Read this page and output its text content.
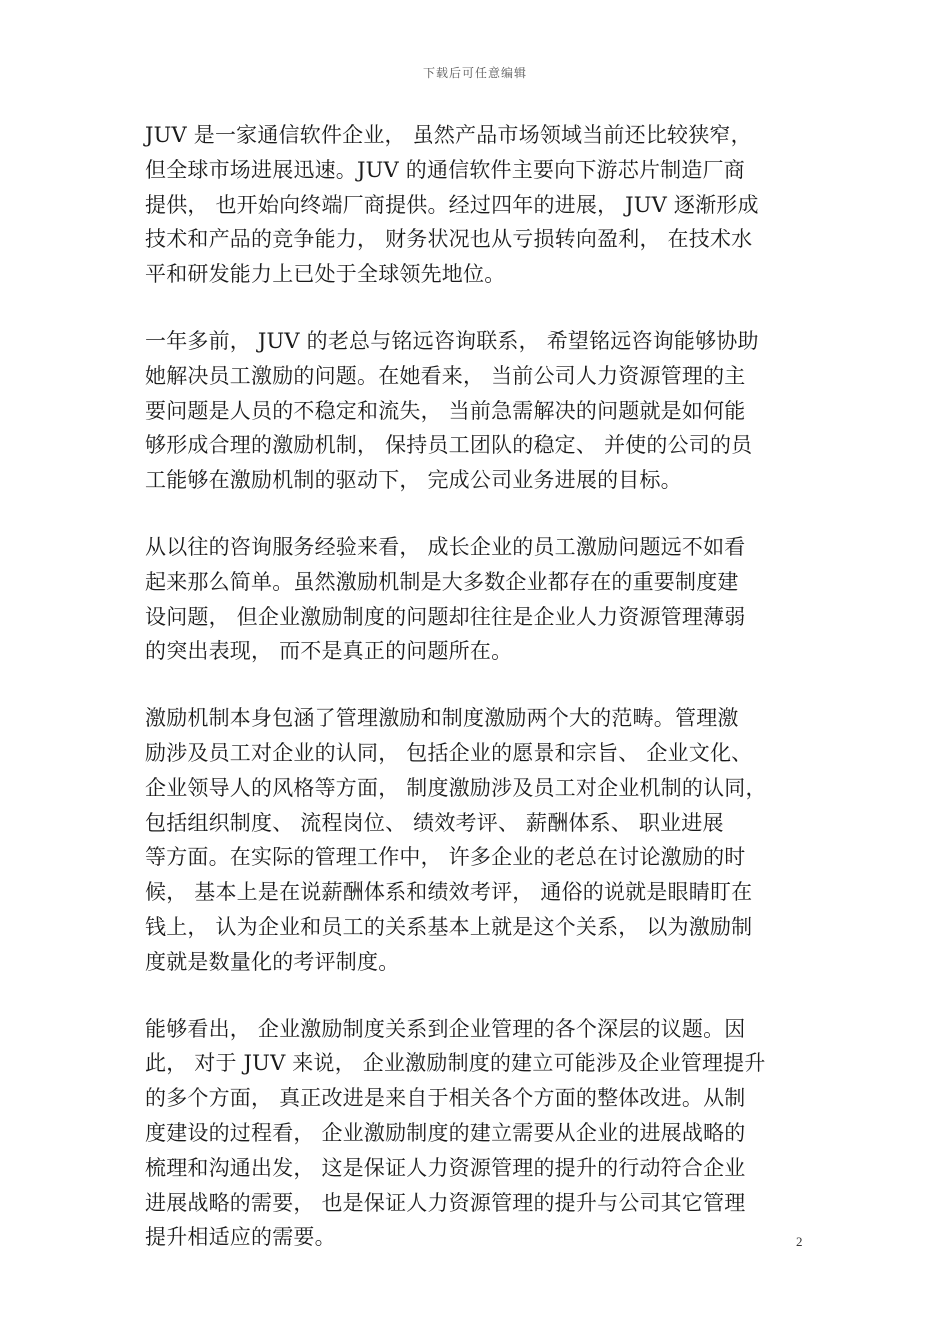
下载后可任意编辑
JUV 是一家通信软件企业， 虽然产品市场领域当前还比较狭窄，
但全球市场进展迅速。JUV 的通信软件主要向下游芯片制造厂商
提供， 也开始向终端厂商提供。经过四年的进展， JUV 逐渐形成
技术和产品的竞争能力， 财务状况也从亏损转向盈利， 在技术水
平和研发能力上已处于全球领先地位。
一年多前， JUV 的老总与铭远咨询联系， 希望铭远咨询能够协助
她解决员工激励的问题。在她看来， 当前公司人力资源管理的主
要问题是人员的不稳定和流失， 当前急需解决的问题就是如何能
够形成合理的激励机制， 保持员工团队的稳定、 并使的公司的员
工能够在激励机制的驱动下， 完成公司业务进展的目标。
从以往的咨询服务经验来看， 成长企业的员工激励问题远不如看
起来那么简单。虽然激励机制是大多数企业都存在的重要制度建
设问题， 但企业激励制度的问题却往往是企业人力资源管理薄弱
的突出表现， 而不是真正的问题所在。
激励机制本身包涵了管理激励和制度激励两个大的范畴。管理激
励涉及员工对企业的认同， 包括企业的愿景和宗旨、 企业文化、
企业领导人的风格等方面， 制度激励涉及员工对企业机制的认同，
包括组织制度、 流程岗位、 绩效考评、 薪酬体系、 职业进展
等方面。在实际的管理工作中， 许多企业的老总在讨论激励的时
候， 基本上是在说薪酬体系和绩效考评， 通俗的说就是眼睛盯在
钱上， 认为企业和员工的关系基本上就是这个关系， 以为激励制
度就是数量化的考评制度。
能够看出， 企业激励制度关系到企业管理的各个深层的议题。因
此， 对于 JUV 来说， 企业激励制度的建立可能涉及企业管理提升
的多个方面， 真正改进是来自于相关各个方面的整体改进。从制
度建设的过程看， 企业激励制度的建立需要从企业的进展战略的
梳理和沟通出发， 这是保证人力资源管理的提升的行动符合企业
进展战略的需要， 也是保证人力资源管理的提升与公司其它管理
提升相适应的需要。	2
